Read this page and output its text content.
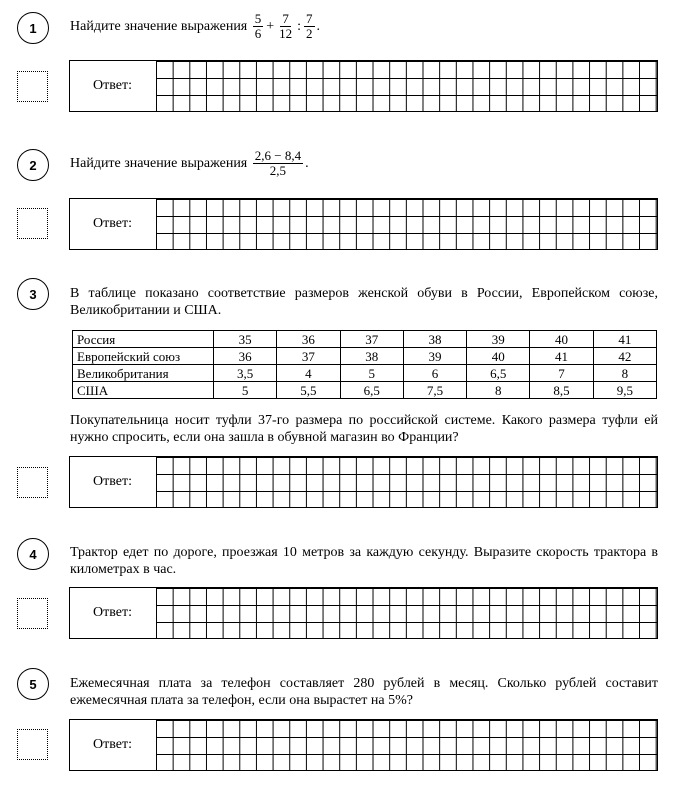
1 Найдите значение выражения
$\frac{5}{6} + \frac{7}{12}$ : $\frac{7}{2}$ .
Ответ:
2 Найдите значение выражения
$\frac{2,6 - 8,4}{2,5}$ .
Ответ:
3 В таблице показано соответствие размеров женской обуви в России, Европейском союзе, Великобритании и США.
Россия	35	36	37	38	39	40	41
Европейский союз	36	37	38	39	40	41	42
Великобритания	3,5	4	5	6	6,5	7	8
США	5	5,5	6,5	7,5	8	8,5	9,5
Покупательница носит туфли 37-го размера по российской системе. Какого размера туфли ей нужно спросить, если она зашла в обувной магазин во Франции?
Ответ:
4 Трактор едет по дороге, проезжая 10 метров за каждую секунду. Выразите скорость трактора в километрах в час.
Ответ:
5 Ежемесячная плата за телефон составляет 280 рублей в месяц. Сколько рублей составит ежемесячная плата за телефон, если она вырастет на 5%?
Ответ:
